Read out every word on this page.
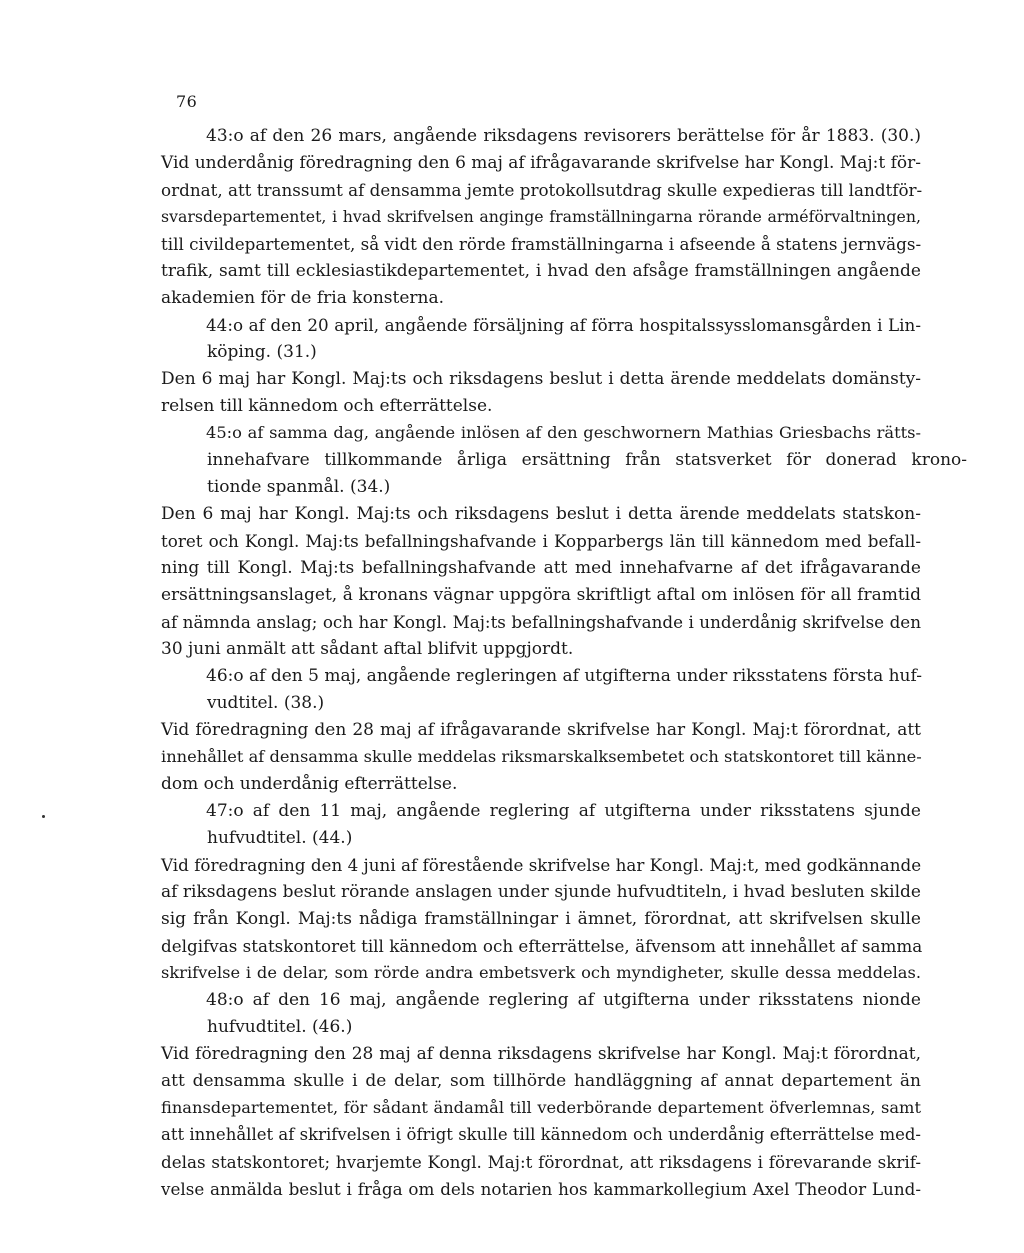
76
43:o af den 26 mars, angående riksdagens revisorers berättelse för år 1883. (30.)
Vid underdånig föredragning den 6 maj af ifrågavarande skrifvelse har Kongl. Maj:t för-
ordnat, att transsumt af densamma jemte protokollsutdrag skulle expedieras till landtför-
svarsdepartementet, i hvad skrifvelsen anginge framställningarna rörande arméförvaltningen,
till civildepartementet, så vidt den rörde framställningarna i afseende å statens jernvägs-
trafik, samt till ecklesiastikdepartementet, i hvad den afsåge framställningen angående
akademien för de fria konsterna.
44:o af den 20 april, angående försäljning af förra hospitalssysslomansgården i Lin-
köping. (31.)
Den 6 maj har Kongl. Maj:ts och riksdagens beslut i detta ärende meddelats domänsty-
relsen till kännedom och efterrättelse.
45:o af samma dag, angående inlösen af den geschwornern Mathias Griesbachs rätts-
innehafvare tillkommande årliga ersättning från statsverket för donerad krono-
tionde spanmål. (34.)
Den 6 maj har Kongl. Maj:ts och riksdagens beslut i detta ärende meddelats statskon-
toret och Kongl. Maj:ts befallningshafvande i Kopparbergs län till kännedom med befall-
ning till Kongl. Maj:ts befallningshafvande att med innehafvarne af det ifrågavarande
ersättningsanslaget, å kronans vägnar uppgöra skriftligt aftal om inlösen för all framtid
af nämnda anslag; och har Kongl. Maj:ts befallningshafvande i underdånig skrifvelse den
30 juni anmält att sådant aftal blifvit uppgjordt.
46:o af den 5 maj, angående regleringen af utgifterna under riksstatens första huf-
vudtitel. (38.)
Vid föredragning den 28 maj af ifrågavarande skrifvelse har Kongl. Maj:t förordnat, att
innehållet af densamma skulle meddelas riksmarskalksembetet och statskontoret till känne-
dom och underdånig efterrättelse.
47:o af den 11 maj, angående reglering af utgifterna under riksstatens sjunde
hufvudtitel. (44.)
Vid föredragning den 4 juni af förestående skrifvelse har Kongl. Maj:t, med godkännande
af riksdagens beslut rörande anslagen under sjunde hufvudtiteln, i hvad besluten skilde
sig från Kongl. Maj:ts nådiga framställningar i ämnet, förordnat, att skrifvelsen skulle
delgifvas statskontoret till kännedom och efterrättelse, äfvensom att innehållet af samma
skrifvelse i de delar, som rörde andra embetsverk och myndigheter, skulle dessa meddelas.
48:o af den 16 maj, angående reglering af utgifterna under riksstatens nionde
hufvudtitel. (46.)
Vid föredragning den 28 maj af denna riksdagens skrifvelse har Kongl. Maj:t förordnat,
att densamma skulle i de delar, som tillhörde handläggning af annat departement än
finansdepartementet, för sådant ändamål till vederbörande departement öfverlemnas, samt
att innehållet af skrifvelsen i öfrigt skulle till kännedom och underdånig efterrättelse med-
delas statskontoret; hvarjemte Kongl. Maj:t förordnat, att riksdagens i förevarande skrif-
velse anmälda beslut i fråga om dels notarien hos kammarkollegium Axel Theodor Lund-
